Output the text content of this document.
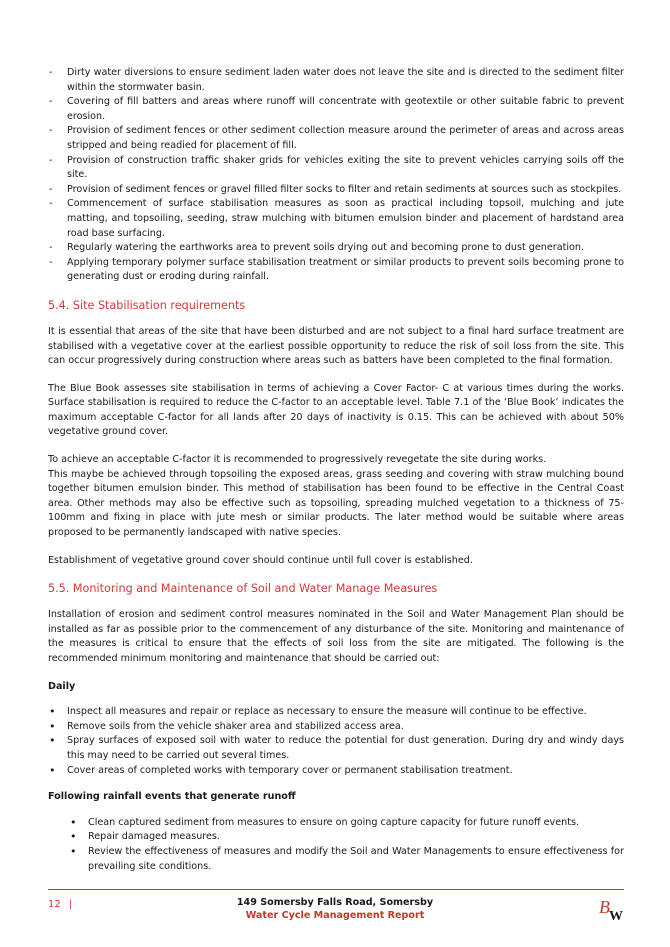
- Dirty water diversions to ensure sediment laden water does not leave the site and is directed to the sediment filter within the stormwater basin.
- Covering of fill batters and areas where runoff will concentrate with geotextile or other suitable fabric to prevent erosion.
- Provision of sediment fences or other sediment collection measure around the perimeter of areas and across areas stripped and being readied for placement of fill.
- Provision of construction traffic shaker grids for vehicles exiting the site to prevent vehicles carrying soils off the site.
- Provision of sediment fences or gravel filled filter socks to filter and retain sediments at sources such as stockpiles.
- Commencement of surface stabilisation measures as soon as practical including topsoil, mulching and jute matting, and topsoiling, seeding, straw mulching with bitumen emulsion binder and placement of hardstand area road base surfacing.
- Regularly watering the earthworks area to prevent soils drying out and becoming prone to dust generation.
- Applying temporary polymer surface stabilisation treatment or similar products to prevent soils becoming prone to generating dust or eroding during rainfall.
5.4. Site Stabilisation requirements

It is essential that areas of the site that have been disturbed and are not subject to a final hard surface treatment are stabilised with a vegetative cover at the earliest possible opportunity to reduce the risk of soil loss from the site. This can occur progressively during construction where areas such as batters have been completed to the final formation.

The Blue Book assesses site stabilisation in terms of achieving a Cover Factor- C at various times during the works. Surface stabilisation is required to reduce the C-factor to an acceptable level. Table 7.1 of the ‘Blue Book’ indicates the maximum acceptable C-factor for all lands after 20 days of inactivity is 0.15. This can be achieved with about 50% vegetative ground cover.

To achieve an acceptable C-factor it is recommended to progressively revegetate the site during works.

This maybe be achieved through topsoiling the exposed areas, grass seeding and covering with straw mulching bound together bitumen emulsion binder. This method of stabilisation has been found to be effective in the Central Coast area. Other methods may also be effective such as topsoiling, spreading mulched vegetation to a thickness of 75-100mm and fixing in place with jute mesh or similar products. The later method would be suitable where areas proposed to be permanently landscaped with native species.

Establishment of vegetative ground cover should continue until full cover is established.

5.5. Monitoring and Maintenance of Soil and Water Manage Measures

Installation of erosion and sediment control measures nominated in the Soil and Water Management Plan should be installed as far as possible prior to the commencement of any disturbance of the site. Monitoring and maintenance of the measures is critical to ensure that the effects of soil loss from the site are mitigated. The following is the recommended minimum monitoring and maintenance that should be carried out:

Daily
• Inspect all measures and repair or replace as necessary to ensure the measure will continue to be effective.
• Remove soils from the vehicle shaker area and stabilized access area.
• Spray surfaces of exposed soil with water to reduce the potential for dust generation. During dry and windy days this may need to be carried out several times.
• Cover areas of completed works with temporary cover or permanent stabilisation treatment.
Following rainfall events that generate runoff
• Clean captured sediment from measures to ensure on going capture capacity for future runoff events.
• Repair damaged measures.
• Review the effectiveness of measures and modify the Soil and Water Managements to ensure effectiveness for prevailing site conditions.
12 |	149 Somersby Falls Road, Somersby
Water Cycle Management Report	B W
